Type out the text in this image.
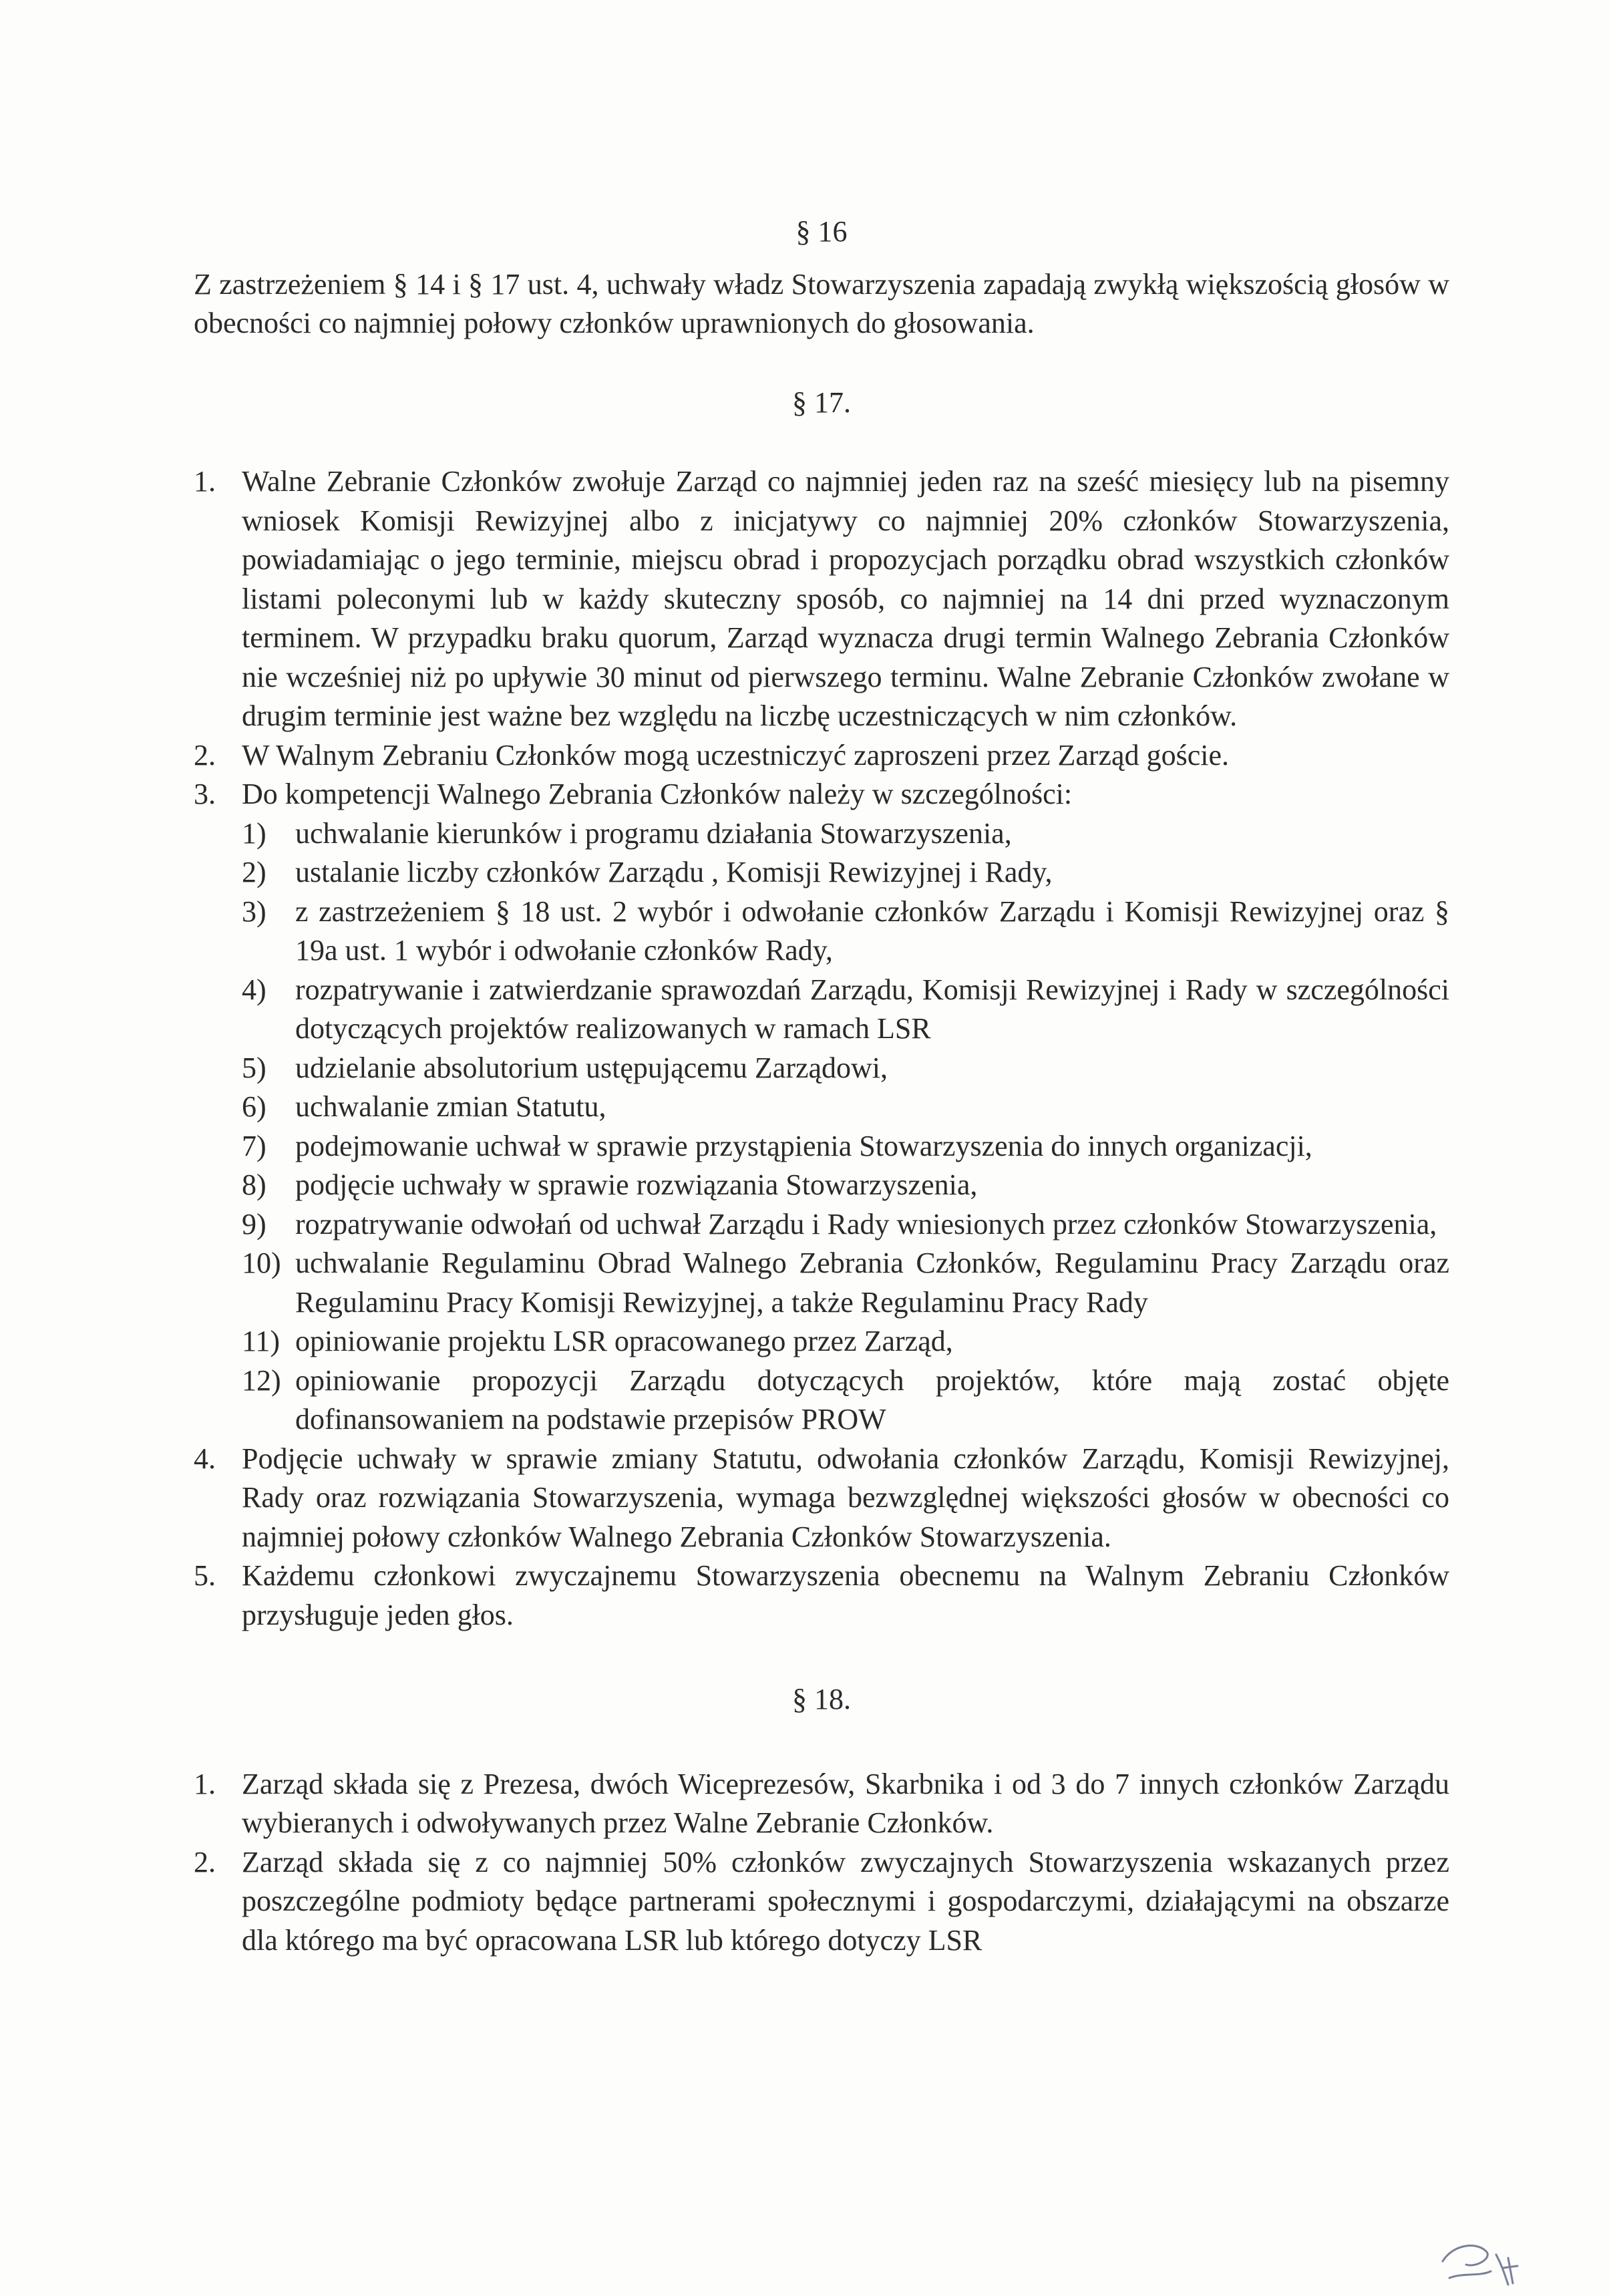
§ 16

Z zastrzeżeniem § 14 i § 17 ust. 4, uchwały władz Stowarzyszenia zapadają zwykłą większością głosów w obecności co najmniej połowy członków uprawnionych do głosowania.

§ 17.

1. Walne Zebranie Członków zwołuje Zarząd co najmniej jeden raz na sześć miesięcy lub na pisemny wniosek Komisji Rewizyjnej albo z inicjatywy co najmniej 20% członków Stowarzyszenia, powiadamiając o jego terminie, miejscu obrad i propozycjach porządku obrad wszystkich członków listami poleconymi lub w każdy skuteczny sposób, co najmniej na 14 dni przed wyznaczonym terminem. W przypadku braku quorum, Zarząd wyznacza drugi termin Walnego Zebrania Członków nie wcześniej niż po upływie 30 minut od pierwszego terminu. Walne Zebranie Członków zwołane w drugim terminie jest ważne bez względu na liczbę uczestniczących w nim członków.
2. W Walnym Zebraniu Członków mogą uczestniczyć zaproszeni przez Zarząd goście.
3. Do kompetencji Walnego Zebrania Członków należy w szczególności:
1) uchwalanie kierunków i programu działania Stowarzyszenia,
2) ustalanie liczby członków Zarządu , Komisji Rewizyjnej i Rady,
3) z zastrzeżeniem § 18 ust. 2 wybór i odwołanie członków Zarządu i Komisji Rewizyjnej oraz § 19a ust. 1 wybór i odwołanie członków Rady,
4) rozpatrywanie i zatwierdzanie sprawozdań Zarządu, Komisji Rewizyjnej i Rady w szczególności dotyczących projektów realizowanych w ramach LSR
5) udzielanie absolutorium ustępującemu Zarządowi,
6) uchwalanie zmian Statutu,
7) podejmowanie uchwał w sprawie przystąpienia Stowarzyszenia do innych organizacji,
8) podjęcie uchwały w sprawie rozwiązania Stowarzyszenia,
9) rozpatrywanie odwołań od uchwał Zarządu i Rady wniesionych przez członków Stowarzyszenia,
10) uchwalanie Regulaminu Obrad Walnego Zebrania Członków, Regulaminu Pracy Zarządu oraz Regulaminu Pracy Komisji Rewizyjnej, a także Regulaminu Pracy Rady
11) opiniowanie projektu LSR opracowanego przez Zarząd,
12) opiniowanie propozycji Zarządu dotyczących projektów, które mają zostać objęte dofinansowaniem na podstawie przepisów PROW
4. Podjęcie uchwały w sprawie zmiany Statutu, odwołania członków Zarządu, Komisji Rewizyjnej, Rady oraz rozwiązania Stowarzyszenia, wymaga bezwzględnej większości głosów w obecności co najmniej połowy członków Walnego Zebrania Członków Stowarzyszenia.
5. Każdemu członkowi zwyczajnemu Stowarzyszenia obecnemu na Walnym Zebraniu Członków przysługuje jeden głos.

§ 18.

1. Zarząd składa się z Prezesa, dwóch Wiceprezesów, Skarbnika i od 3 do 7 innych członków Zarządu wybieranych i odwoływanych przez Walne Zebranie Członków.
2. Zarząd składa się z co najmniej 50% członków zwyczajnych Stowarzyszenia wskazanych przez poszczególne podmioty będące partnerami społecznymi i gospodarczymi, działającymi na obszarze dla którego ma być opracowana LSR lub którego dotyczy LSR
